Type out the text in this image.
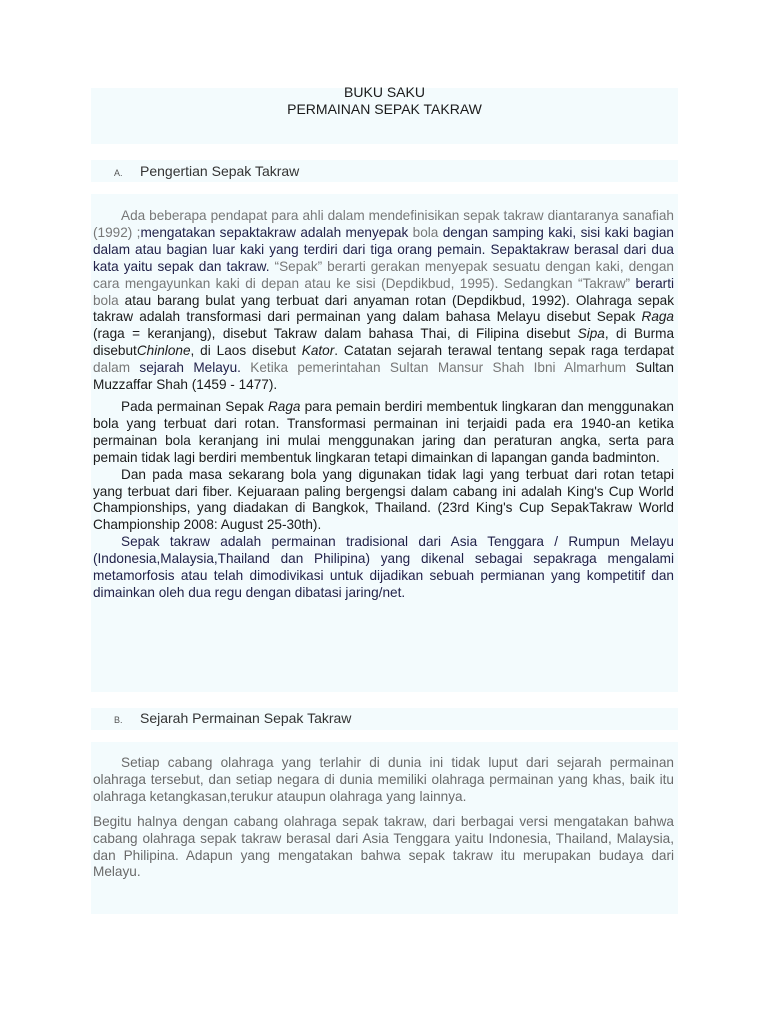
BUKU SAKU
PERMAINAN SEPAK TAKRAW
A.	Pengertian Sepak Takraw

Ada beberapa pendapat para ahli dalam mendefinisikan sepak takraw diantaranya sanafiah (1992) ;mengatakan sepaktakraw adalah menyepak bola dengan samping kaki, sisi kaki bagian dalam atau bagian luar kaki yang terdiri dari tiga orang pemain. Sepaktakraw berasal dari dua kata yaitu sepak dan takraw. “Sepak” berarti gerakan menyepak sesuatu dengan kaki, dengan cara mengayunkan kaki di depan atau ke sisi (Depdikbud, 1995). Sedangkan “Takraw” berarti bola atau barang bulat yang terbuat dari anyaman rotan (Depdikbud, 1992). Olahraga sepak takraw adalah transformasi dari permainan yang dalam bahasa Melayu disebut Sepak Raga (raga = keranjang), disebut Takraw dalam bahasa Thai, di Filipina disebut Sipa, di Burma disebutChinlone, di Laos disebut Kator. Catatan sejarah terawal tentang sepak raga terdapat dalam sejarah Melayu. Ketika pemerintahan Sultan Mansur Shah Ibni Almarhum Sultan Muzzaffar Shah (1459 - 1477).

Pada permainan Sepak Raga para pemain berdiri membentuk lingkaran dan menggunakan bola yang terbuat dari rotan. Transformasi permainan ini terjaidi pada era 1940-an ketika permainan bola keranjang ini mulai menggunakan jaring dan peraturan angka, serta para pemain tidak lagi berdiri membentuk lingkaran tetapi dimainkan di lapangan ganda badminton.

Dan pada masa sekarang bola yang digunakan tidak lagi yang terbuat dari rotan tetapi yang terbuat dari fiber. Kejuaraan paling bergengsi dalam cabang ini adalah King's Cup World Championships, yang diadakan di Bangkok, Thailand. (23rd King's Cup SepakTakraw World Championship 2008: August 25-30th).

Sepak takraw adalah permainan tradisional dari Asia Tenggara / Rumpun Melayu (Indonesia,Malaysia,Thailand dan Philipina) yang dikenal sebagai sepakraga mengalami metamorfosis atau telah dimodivikasi untuk dijadikan sebuah permianan yang kompetitif dan dimainkan oleh dua regu dengan dibatasi jaring/net.

B.	Sejarah Permainan Sepak Takraw

Setiap cabang olahraga yang terlahir di dunia ini tidak luput dari sejarah permainan olahraga tersebut, dan setiap negara di dunia memiliki olahraga permainan yang khas, baik itu olahraga ketangkasan,terukur ataupun olahraga yang lainnya.

Begitu halnya dengan cabang olahraga sepak takraw, dari berbagai versi mengatakan bahwa cabang olahraga sepak takraw berasal dari Asia Tenggara yaitu Indonesia, Thailand, Malaysia, dan Philipina. Adapun yang mengatakan bahwa sepak takraw itu merupakan budaya dari Melayu.
